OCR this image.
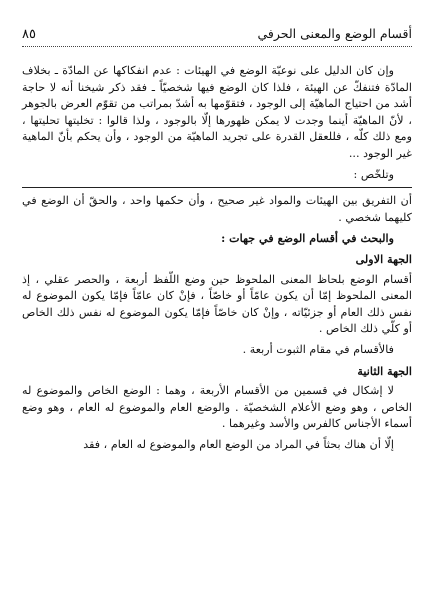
أقسام الوضع والمعنى الحرفي
٨٥

وإن كان الدليل على نوعيّة الوضع في الهيئات : عدم انفكاكها عن المادّة ـ بخلاف المادّة فتنفكّ عن الهيئة ، فلذا كان الوضع فيها شخصيّاً ـ فقد ذكر شيخنا أنه لا حاجة أشد من احتياج الماهيّة إلى الوجود ، فتقوّمها به أشدّ بمراتب من تقوّم العرض بالجوهر ، لأنّ الماهيّة أينما وجدت لا يمكن ظهورها إلّا بالوجود ، ولذا قالوا : تخليتها تحليتها ، ومع ذلك كلّه ، فللعقل القدرة على تجريد الماهيّة من الوجود ، وأن يحكم بأنّ الماهية غير الوجود ...

وتلخّص :

أن التفريق بين الهيئات والمواد غير صحيح ، وأن حكمها واحد ، والحقّ أن الوضع في كليهما شخصي .

والبحث في أقسام الوضع في جهات :

الجهة الاولى

أقسام الوضع بلحاظ المعنى الملحوظ حين وضع اللّفظ أربعة ، والحصر عقلي ، إذ المعنى الملحوظ إمّا أن يكون عامّاً أو خاصّاً ، فإنْ كان عامّاً فإمّا يكون الموضوع له نفس ذلك العام أو جزئيّاته ، وإنْ كان خاصّاً فإمّا يكون الموضوع له نفس ذلك الخاص أو كلّي ذلك الخاص .

فالأقسام في مقام الثبوت أربعة .

الجهة الثانية

لا إشكال في قسمين من الأقسام الأربعة ، وهما : الوضع الخاص والموضوع له الخاص ، وهو وضع الأعلام الشخصيّة . والوضع العام والموضوع له العام ، وهو وضع أسماء الأجناس كالفرس والأسد وغيرهما .

إلّا أن هناك بحثاً في المراد من الوضع العام والموضوع له العام ، فقد
